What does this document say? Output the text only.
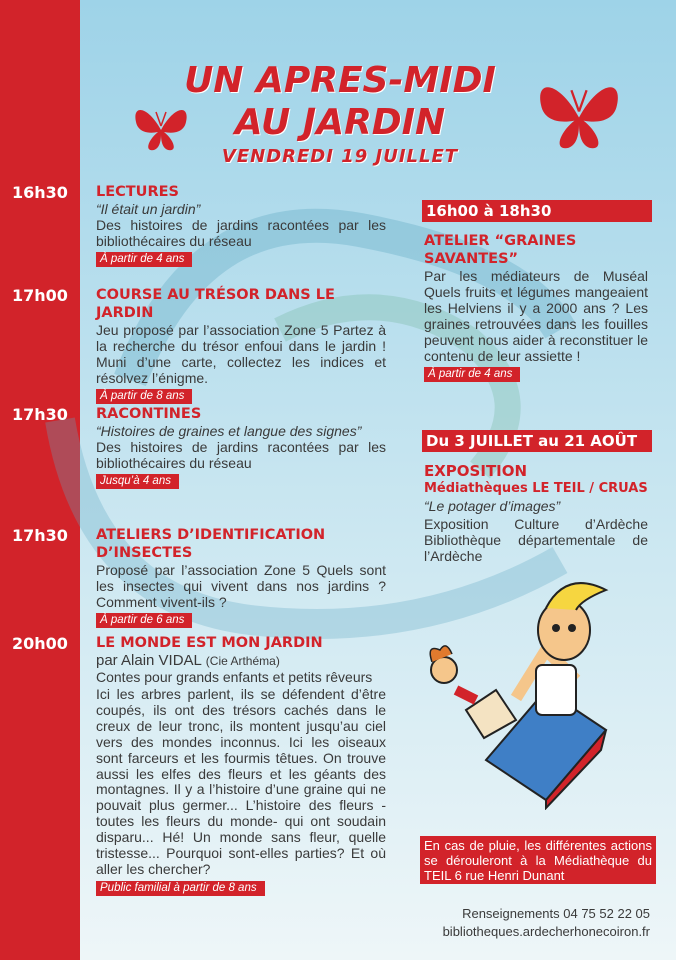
UN APRES-MIDI
AU JARDIN
VENDREDI 19 JUILLET
16h30	LECTURES
“Il était un jardin”
Des histoires de jardins racontées par les bibliothécaires du réseau
À partir de 4 ans
17h00	COURSE AU TRÉSOR DANS LE JARDIN
Jeu proposé par l’association Zone 5 Partez à la recherche du trésor enfoui dans le jardin ! Muni d’une carte, collectez les indices et résolvez l’énigme.
À partir de 8 ans
17h30	RACONTINES
“Histoires de graines et langue des signes”
Des histoires de jardins racontées par les bibliothécaires du réseau
Jusqu’à 4 ans
17h30	ATELIERS D’IDENTIFICATION D’INSECTES
Proposé par l’association Zone 5 Quels sont les insectes qui vivent dans nos jardins ? Comment vivent-ils ?
À partir de 6 ans
20h00	LE MONDE EST MON JARDIN
par Alain VIDAL (Cie Arthéma)
Contes pour grands enfants et petits rêveurs
Ici les arbres parlent, ils se défendent d’être coupés, ils ont des trésors cachés dans le creux de leur tronc, ils montent jusqu’au ciel vers des mondes inconnus. Ici les oiseaux sont farceurs et les fourmis têtues. On trouve aussi les elfes des fleurs et les géants des montagnes. Il y a l’histoire d’une graine qui ne pouvait plus germer... L’histoire des fleurs -toutes les fleurs du monde- qui ont soudain disparu... Hé! Un monde sans fleur, quelle tristesse... Pourquoi sont-elles parties? Et où aller les chercher?
Public familial à partir de 8 ans
16h00 à 18h30
ATELIER “GRAINES SAVANTES”
Par les médiateurs de Muséal Quels fruits et légumes mangeaient les Helviens il y a 2000 ans ? Les graines retrouvées dans les fouilles peuvent nous aider à reconstituer le contenu de leur assiette !
À partir de 4 ans
Du 3 JUILLET au 21 AOÛT
EXPOSITION
Médiathèques LE TEIL / CRUAS
“Le potager d’images”
Exposition Culture d’Ardèche Bibliothèque départementale de l’Ardèche
En cas de pluie, les différentes actions se dérouleront à la Médiathèque du TEIL 6 rue Henri Dunant
Renseignements 04 75 52 22 05
bibliotheques.ardecherhonecoiron.fr
